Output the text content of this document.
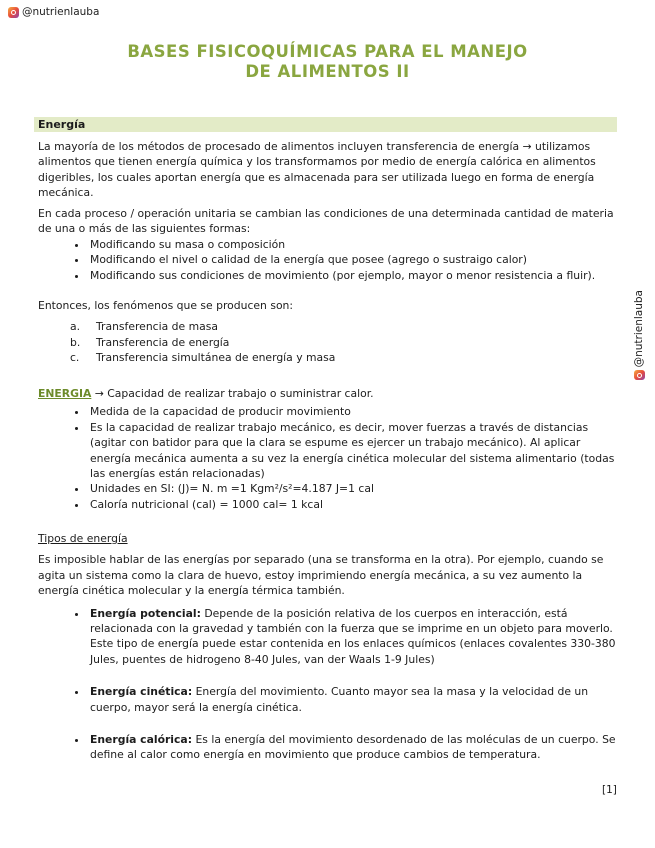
@nutrienlauba
@nutrienlauba
BASES FISICOQUÍMICAS PARA EL MANEJO
DE ALIMENTOS II
Energía

La mayoría de los métodos de procesado de alimentos incluyen transferencia de energía → utilizamos alimentos que tienen energía química y los transformamos por medio de energía calórica en alimentos digeribles, los cuales aportan energía que es almacenada para ser utilizada luego en forma de energía mecánica.

En cada proceso / operación unitaria se cambian las condiciones de una determinada cantidad de materia de una o más de las siguientes formas:

• Modificando su masa o composición
• Modificando el nivel o calidad de la energía que posee (agrego o sustraigo calor)
• Modificando sus condiciones de movimiento (por ejemplo, mayor o menor resistencia a fluir).

Entonces, los fenómenos que se producen son:

a. Transferencia de masa
b. Transferencia de energía
c. Transferencia simultánea de energía y masa

ENERGIA → Capacidad de realizar trabajo o suministrar calor.

• Medida de la capacidad de producir movimiento
• Es la capacidad de realizar trabajo mecánico, es decir, mover fuerzas a través de distancias (agitar con batidor para que la clara se espume es ejercer un trabajo mecánico). Al aplicar energía mecánica aumenta a su vez la energía cinética molecular del sistema alimentario (todas las energías están relacionadas)
• Unidades en SI: (J)= N. m =1 Kgm²/s²=4.187 J=1 cal
• Caloría nutricional (cal) = 1000 cal= 1 kcal

Tipos de energía

Es imposible hablar de las energías por separado (una se transforma en la otra). Por ejemplo, cuando se agita un sistema como la clara de huevo, estoy imprimiendo energía mecánica, a su vez aumento la energía cinética molecular y la energía térmica también.

• Energía potencial: Depende de la posición relativa de los cuerpos en interacción, está relacionada con la gravedad y también con la fuerza que se imprime en un objeto para moverlo. Este tipo de energía puede estar contenida en los enlaces químicos (enlaces covalentes 330-380 Jules, puentes de hidrogeno 8-40 Jules, van der Waals 1-9 Jules)
• Energía cinética: Energía del movimiento. Cuanto mayor sea la masa y la velocidad de un cuerpo, mayor será la energía cinética.
• Energía calórica: Es la energía del movimiento desordenado de las moléculas de un cuerpo. Se define al calor como energía en movimiento que produce cambios de temperatura.
[1]
